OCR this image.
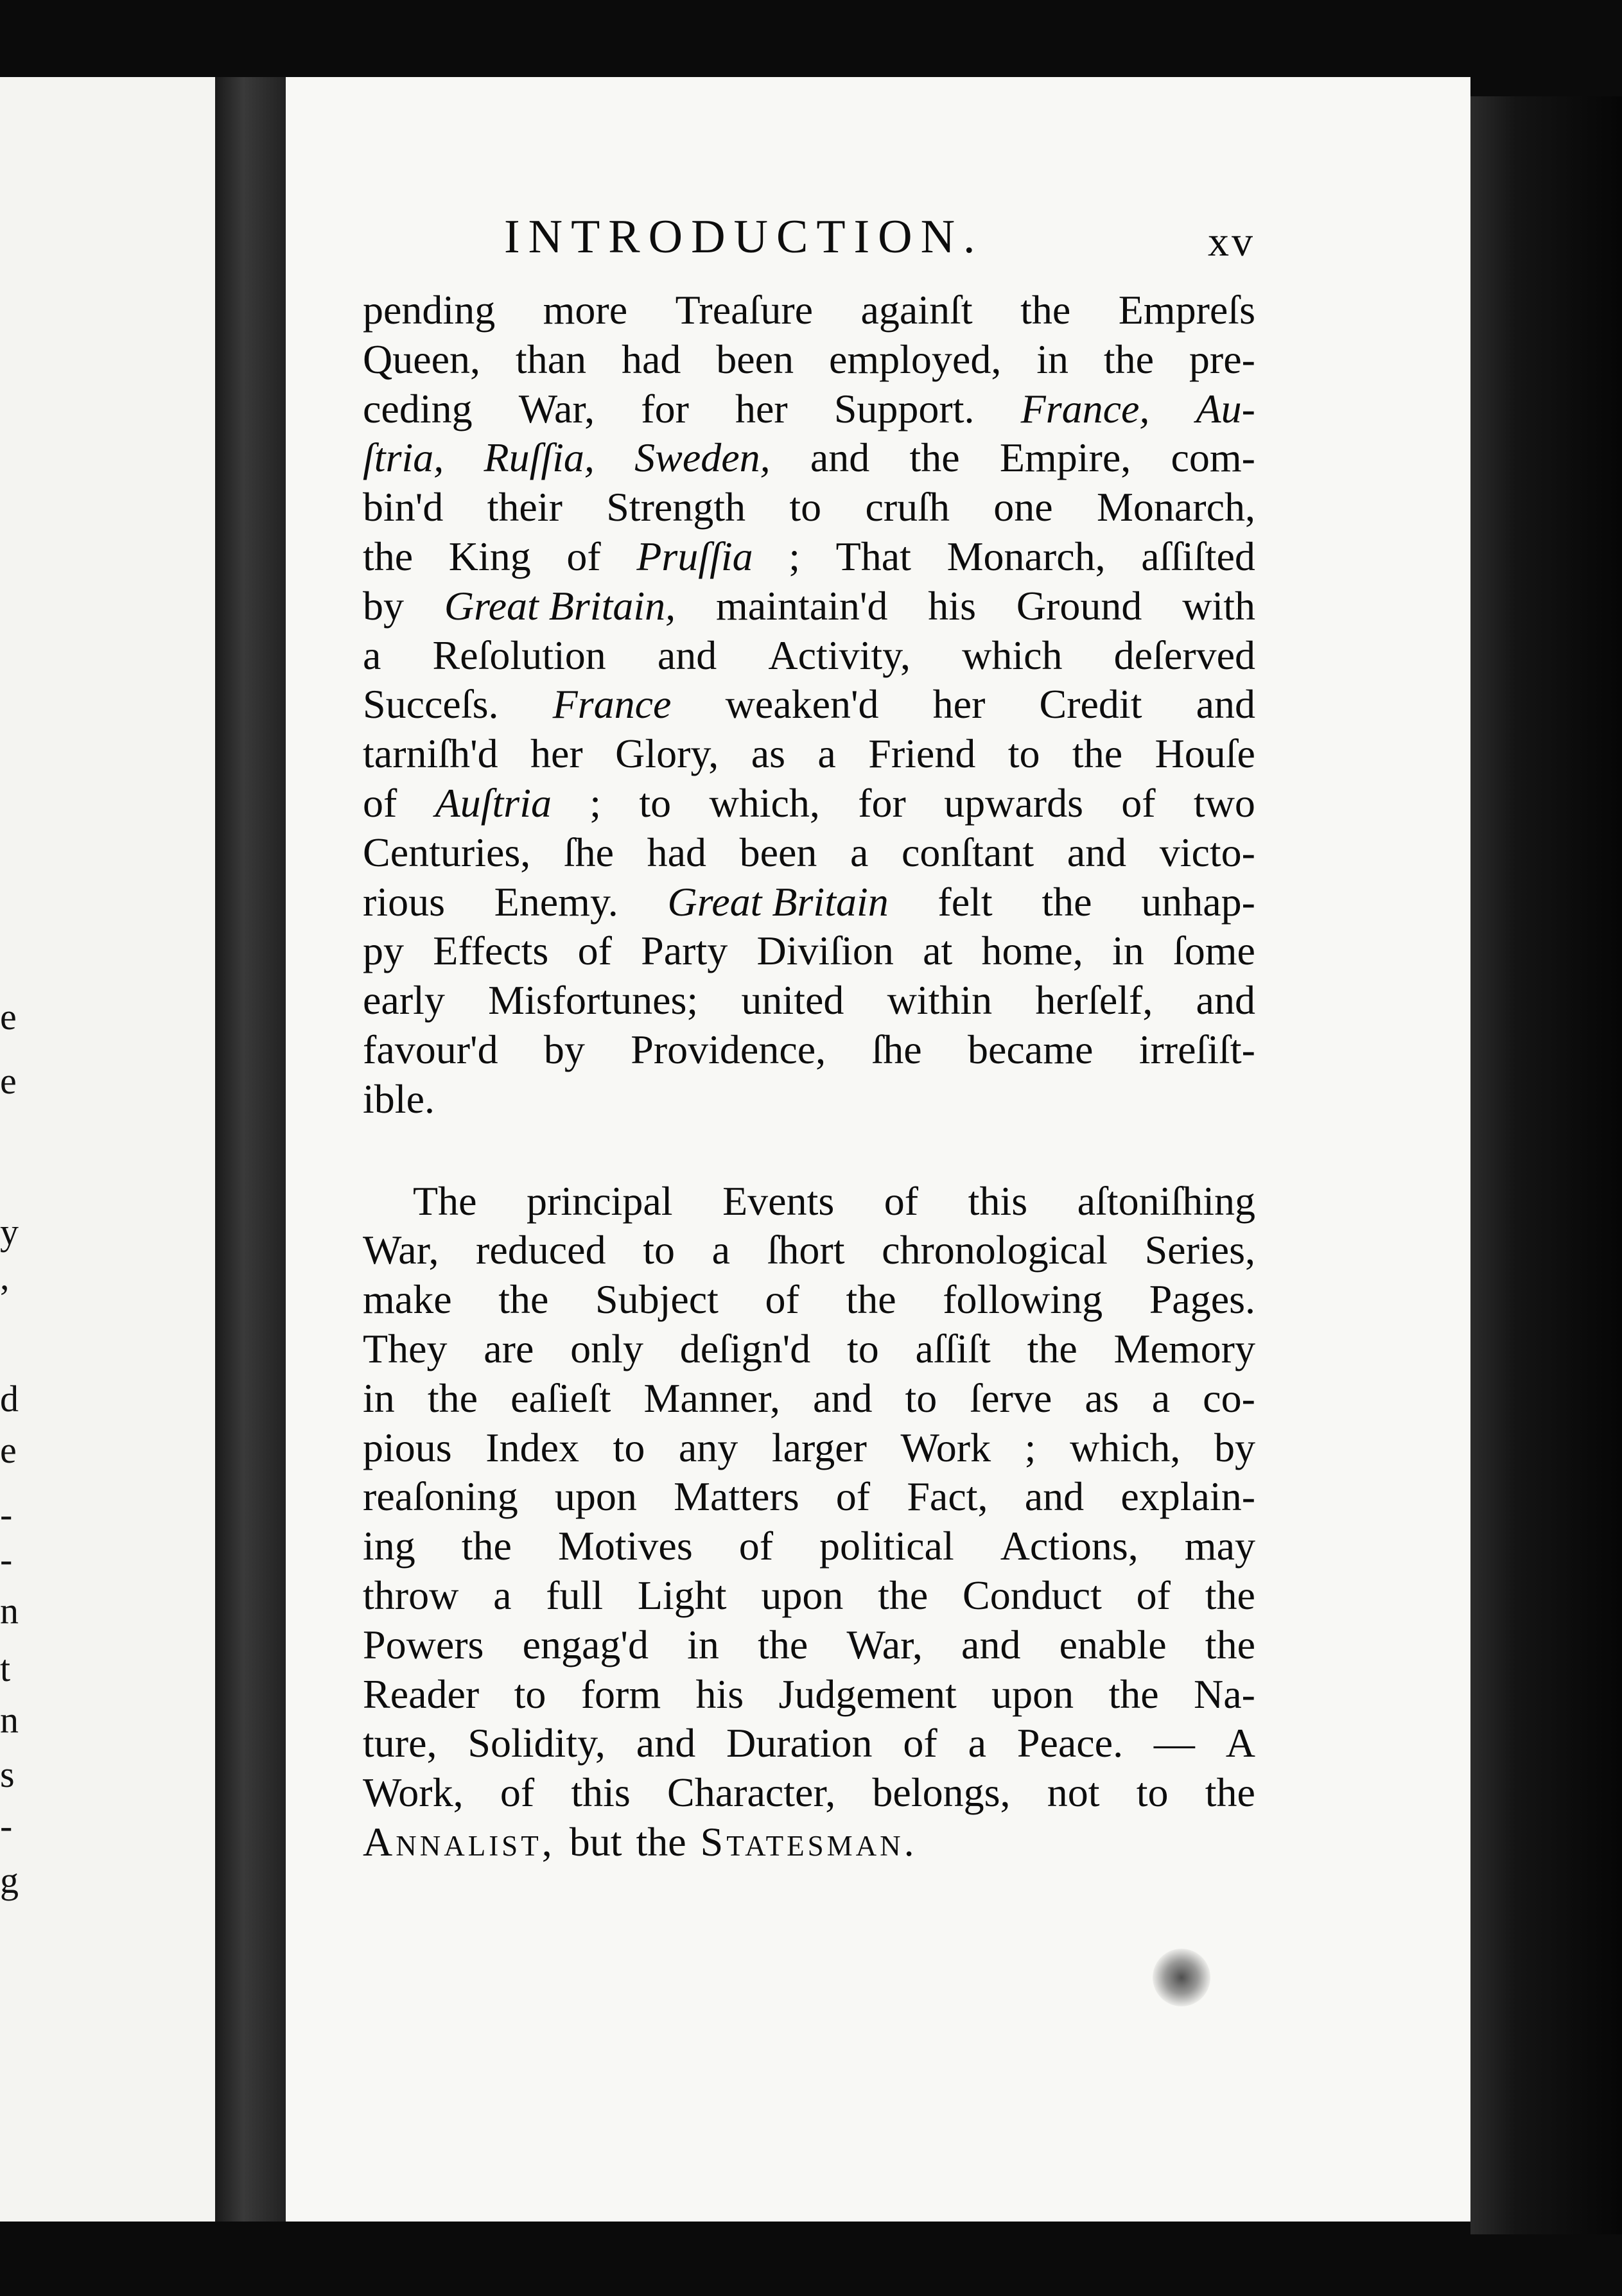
e
e
y
,
d
e
-
-
n
t
n
s
-
g
INTRODUCTION.	xv
pending more Treaſure againſt the Empreſs
Queen, than had been employed, in the pre-
ceding War, for her Support. France, Au-
ſtria, Ruſſia, Sweden, and the Empire, com-
bin'd their Strength to cruſh one Monarch,
the King of Pruſſia ; That Monarch, aſſiſted
by Great Britain, maintain'd his Ground with
a Reſolution and Activity, which deſerved
Succeſs. France weaken'd her Credit and
tarniſh'd her Glory, as a Friend to the Houſe
of Auſtria ; to which, for upwards of two
Centuries, ſhe had been a conſtant and victo-
rious Enemy. Great Britain felt the unhap-
py Effects of Party Diviſion at home, in ſome
early Misfortunes; united within herſelf, and
favour'd by Providence, ſhe became irreſiſt-
ible.
The principal Events of this aſtoniſhing
War, reduced to a ſhort chronological Series,
make the Subject of the following Pages.
They are only deſign'd to aſſiſt the Memory
in the eaſieſt Manner, and to ſerve as a co-
pious Index to any larger Work ; which, by
reaſoning upon Matters of Fact, and explain-
ing the Motives of political Actions, may
throw a full Light upon the Conduct of the
Powers engag'd in the War, and enable the
Reader to form his Judgement upon the Na-
ture, Solidity, and Duration of a Peace. — A
Work, of this Character, belongs, not to the
Annalist, but the Statesman.
